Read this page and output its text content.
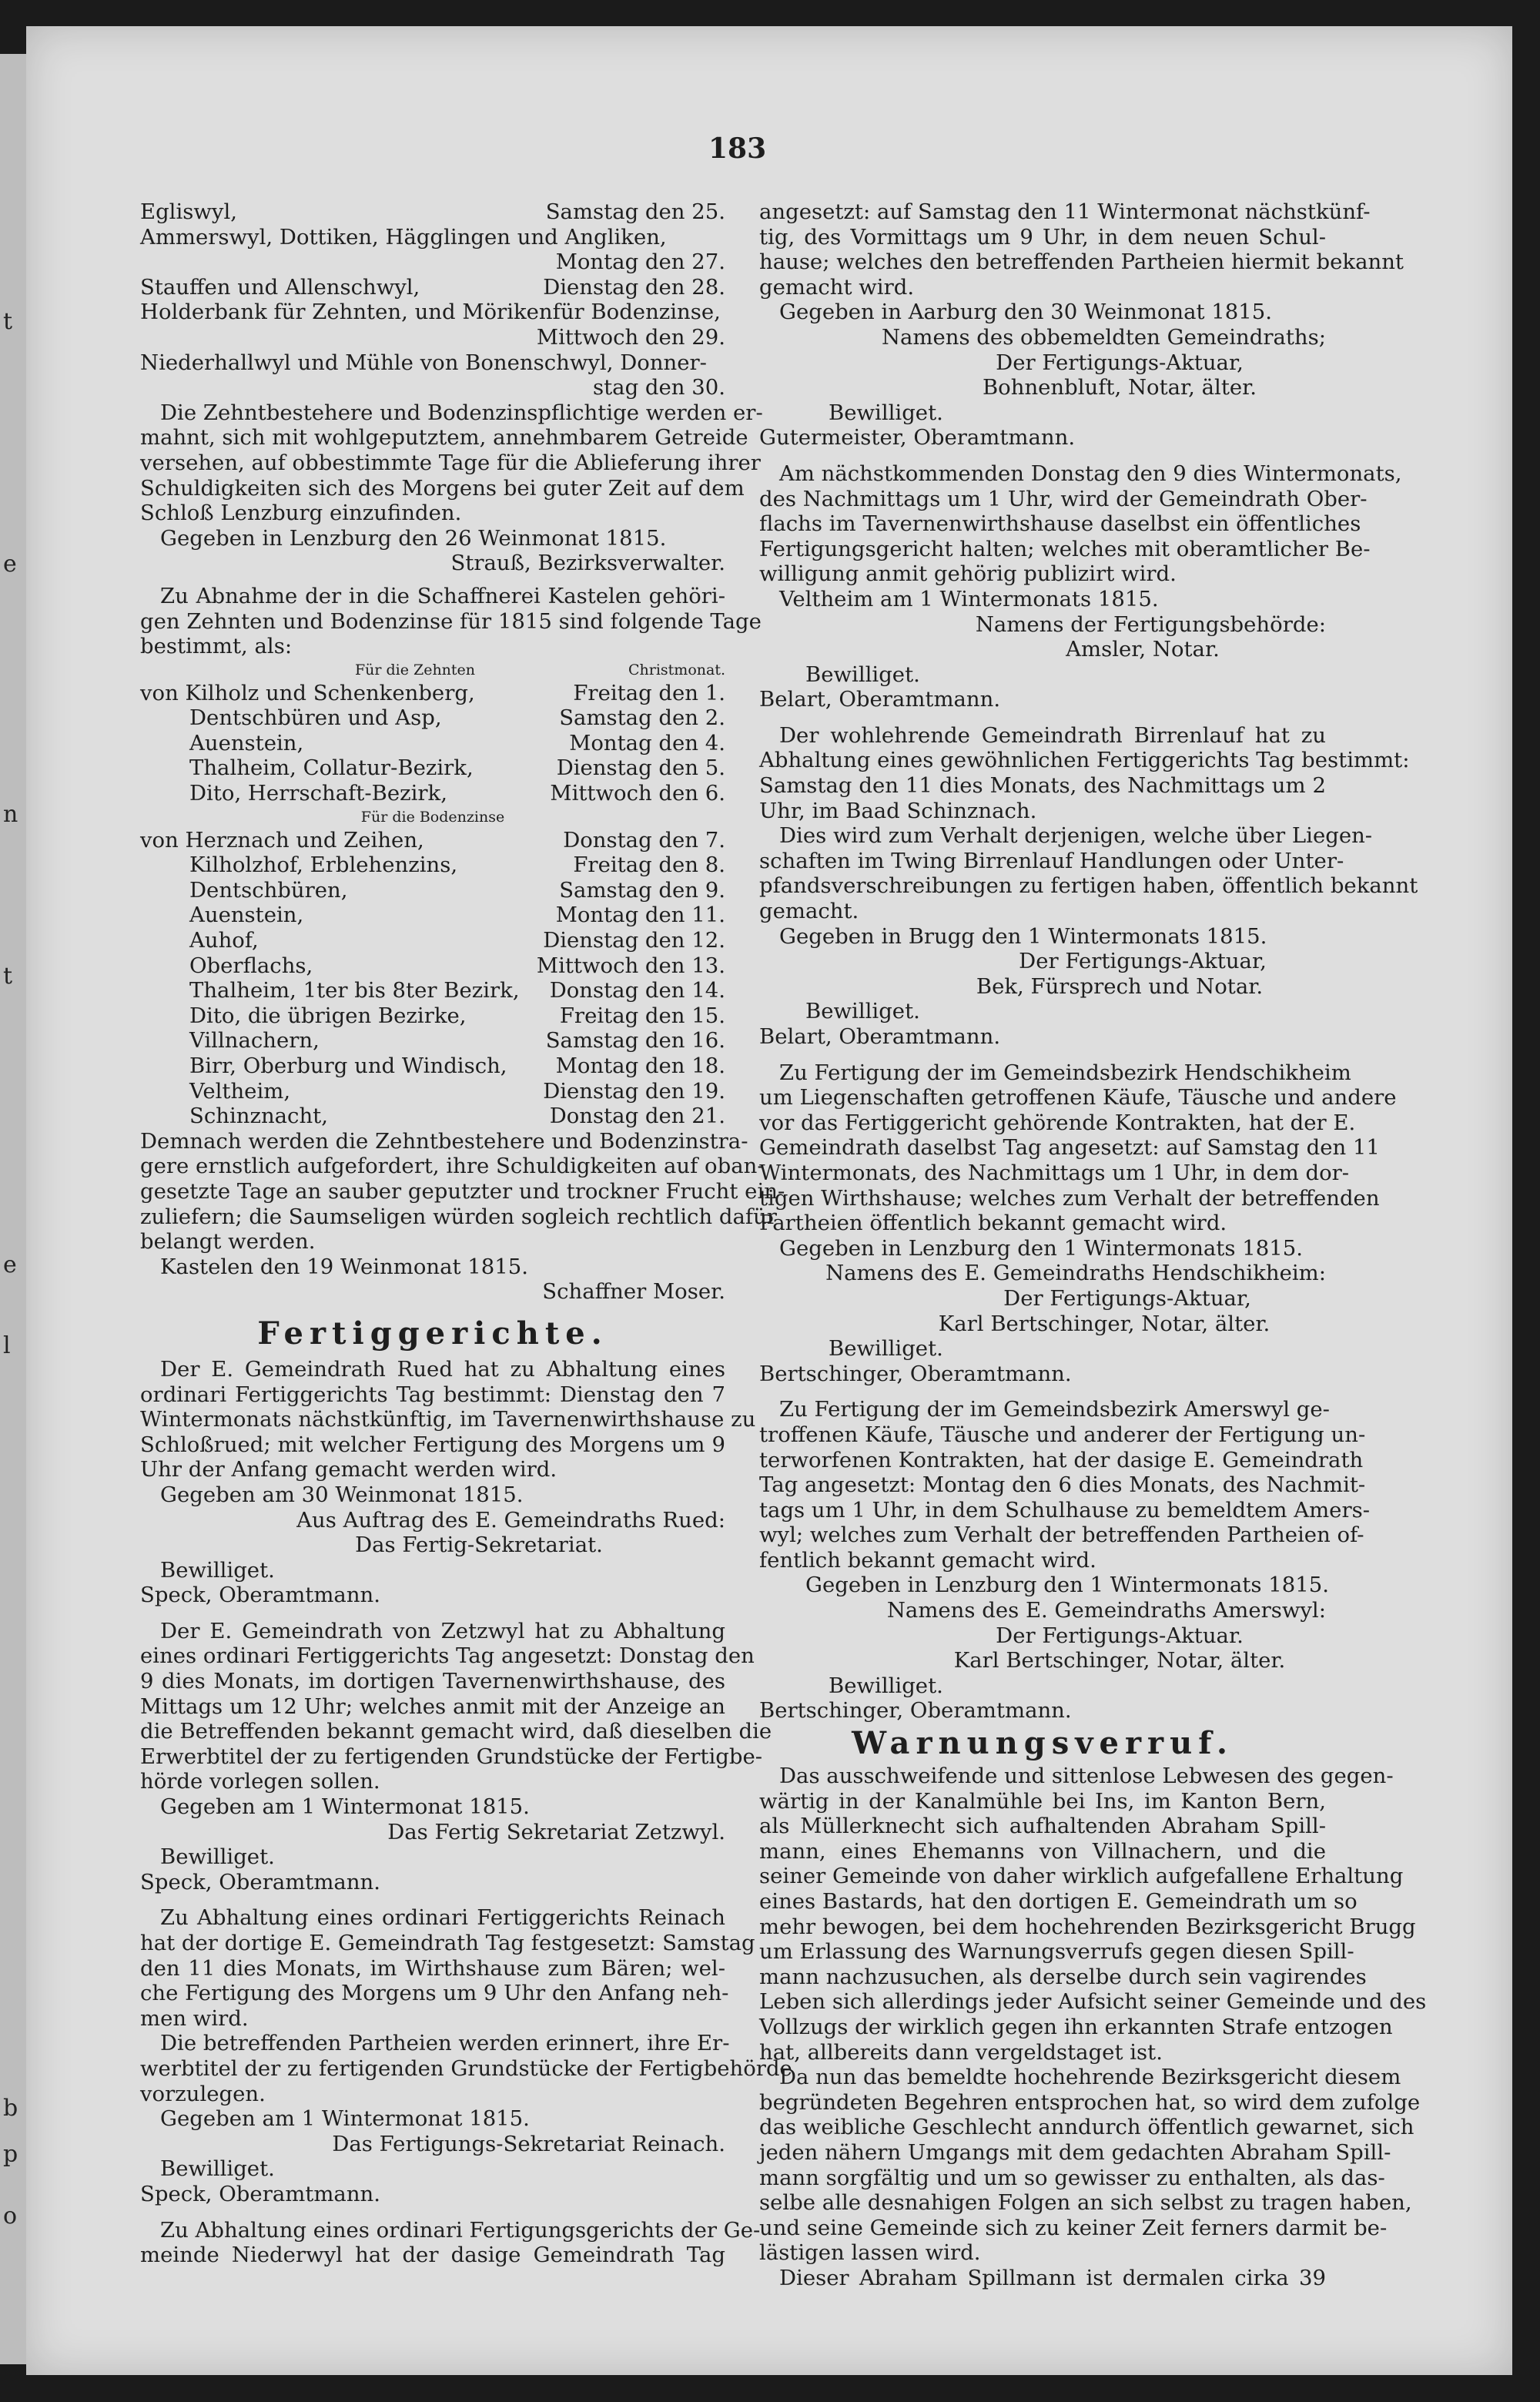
t
e
n
t
e
l
b
p
o
183
Egliswyl,	Samstag den 25.
Ammerswyl, Dottiken, Hägglingen und Angliken,
Montag den 27.
Stauffen und Allenschwyl,	Dienstag den 28.
Holderbank für Zehnten, und Mörikenfür Bodenzinse,
Mittwoch den 29.
Niederhallwyl und Mühle von Bonenschwyl, Donner-
stag den 30.
Die Zehntbestehere und Bodenzinspflichtige werden er-
mahnt, sich mit wohlgeputztem, annehmbarem Getreide
versehen, auf obbestimmte Tage für die Ablieferung ihrer
Schuldigkeiten sich des Morgens bei guter Zeit auf dem
Schloß Lenzburg einzufinden.
Gegeben in Lenzburg den 26 Weinmonat 1815.
Strauß, Bezirksverwalter.
Zu Abnahme der in die Schaffnerei Kastelen gehöri-
gen Zehnten und Bodenzinse für 1815 sind folgende Tage
bestimmt, als:
Für die Zehnten	Christmonat.
von Kilholz und Schenkenberg,	Freitag den 1.
Dentschbüren und Asp,	Samstag den 2.
Auenstein,	Montag den 4.
Thalheim, Collatur-Bezirk,	Dienstag den 5.
Dito, Herrschaft-Bezirk,	Mittwoch den 6.
Für die Bodenzinse
von Herznach und Zeihen,	Donstag den 7.
Kilholzhof, Erblehenzins,	Freitag den 8.
Dentschbüren,	Samstag den 9.
Auenstein,	Montag den 11.
Auhof,	Dienstag den 12.
Oberflachs,	Mittwoch den 13.
Thalheim, 1ter bis 8ter Bezirk,	Donstag den 14.
Dito, die übrigen Bezirke,	Freitag den 15.
Villnachern,	Samstag den 16.
Birr, Oberburg und Windisch,	Montag den 18.
Veltheim,	Dienstag den 19.
Schinznacht,	Donstag den 21.
Demnach werden die Zehntbestehere und Bodenzinstra-
gere ernstlich aufgefordert, ihre Schuldigkeiten auf oban-
gesetzte Tage an sauber geputzter und trockner Frucht ein-
zuliefern; die Saumseligen würden sogleich rechtlich dafür
belangt werden.
Kastelen den 19 Weinmonat 1815.
Schaffner Moser.
Fertiggerichte.
Der E. Gemeindrath Rued hat zu Abhaltung eines
ordinari Fertiggerichts Tag bestimmt: Dienstag den 7
Wintermonats nächstkünftig, im Tavernenwirthshause zu
Schloßrued; mit welcher Fertigung des Morgens um 9
Uhr der Anfang gemacht werden wird.
Gegeben am 30 Weinmonat 1815.
Aus Auftrag des E. Gemeindraths Rued:
Das Fertig-Sekretariat.
Bewilliget.
Speck, Oberamtmann.
Der E. Gemeindrath von Zetzwyl hat zu Abhaltung
eines ordinari Fertiggerichts Tag angesetzt: Donstag den
9 dies Monats, im dortigen Tavernenwirthshause, des
Mittags um 12 Uhr; welches anmit mit der Anzeige an
die Betreffenden bekannt gemacht wird, daß dieselben die
Erwerbtitel der zu fertigenden Grundstücke der Fertigbe-
hörde vorlegen sollen.
Gegeben am 1 Wintermonat 1815.
Das Fertig Sekretariat Zetzwyl.
Bewilliget.
Speck, Oberamtmann.
Zu Abhaltung eines ordinari Fertiggerichts Reinach
hat der dortige E. Gemeindrath Tag festgesetzt: Samstag
den 11 dies Monats, im Wirthshause zum Bären; wel-
che Fertigung des Morgens um 9 Uhr den Anfang neh-
men wird.
Die betreffenden Partheien werden erinnert, ihre Er-
werbtitel der zu fertigenden Grundstücke der Fertigbehörde
vorzulegen.
Gegeben am 1 Wintermonat 1815.
Das Fertigungs-Sekretariat Reinach.
Bewilliget.
Speck, Oberamtmann.
Zu Abhaltung eines ordinari Fertigungsgerichts der Ge-
meinde Niederwyl hat der dasige Gemeindrath Tag
angesetzt: auf Samstag den 11 Wintermonat nächstkünf-
tig, des Vormittags um 9 Uhr, in dem neuen Schul-
hause; welches den betreffenden Partheien hiermit bekannt
gemacht wird.
Gegeben in Aarburg den 30 Weinmonat 1815.
Namens des obbemeldten Gemeindraths;
Der Fertigungs-Aktuar,
Bohnenbluft, Notar, älter.
Bewilliget.
Gutermeister, Oberamtmann.
Am nächstkommenden Donstag den 9 dies Wintermonats,
des Nachmittags um 1 Uhr, wird der Gemeindrath Ober-
flachs im Tavernenwirthshause daselbst ein öffentliches
Fertigungsgericht halten; welches mit oberamtlicher Be-
willigung anmit gehörig publizirt wird.
Veltheim am 1 Wintermonats 1815.
Namens der Fertigungsbehörde:
Amsler, Notar.
Bewilliget.
Belart, Oberamtmann.
Der wohlehrende Gemeindrath Birrenlauf hat zu
Abhaltung eines gewöhnlichen Fertiggerichts Tag bestimmt:
Samstag den 11 dies Monats, des Nachmittags um 2
Uhr, im Baad Schinznach.
Dies wird zum Verhalt derjenigen, welche über Liegen-
schaften im Twing Birrenlauf Handlungen oder Unter-
pfandsverschreibungen zu fertigen haben, öffentlich bekannt
gemacht.
Gegeben in Brugg den 1 Wintermonats 1815.
Der Fertigungs-Aktuar,
Bek, Fürsprech und Notar.
Bewilliget.
Belart, Oberamtmann.
Zu Fertigung der im Gemeindsbezirk Hendschikheim
um Liegenschaften getroffenen Käufe, Täusche und andere
vor das Fertiggericht gehörende Kontrakten, hat der E.
Gemeindrath daselbst Tag angesetzt: auf Samstag den 11
Wintermonats, des Nachmittags um 1 Uhr, in dem dor-
tigen Wirthshause; welches zum Verhalt der betreffenden
Partheien öffentlich bekannt gemacht wird.
Gegeben in Lenzburg den 1 Wintermonats 1815.
Namens des E. Gemeindraths Hendschikheim:
Der Fertigungs-Aktuar,
Karl Bertschinger, Notar, älter.
Bewilliget.
Bertschinger, Oberamtmann.
Zu Fertigung der im Gemeindsbezirk Amerswyl ge-
troffenen Käufe, Täusche und anderer der Fertigung un-
terworfenen Kontrakten, hat der dasige E. Gemeindrath
Tag angesetzt: Montag den 6 dies Monats, des Nachmit-
tags um 1 Uhr, in dem Schulhause zu bemeldtem Amers-
wyl; welches zum Verhalt der betreffenden Partheien of-
fentlich bekannt gemacht wird.
Gegeben in Lenzburg den 1 Wintermonats 1815.
Namens des E. Gemeindraths Amerswyl:
Der Fertigungs-Aktuar.
Karl Bertschinger, Notar, älter.
Bewilliget.
Bertschinger, Oberamtmann.
Warnungsverruf.
Das ausschweifende und sittenlose Lebwesen des gegen-
wärtig in der Kanalmühle bei Ins, im Kanton Bern,
als Müllerknecht sich aufhaltenden Abraham Spill-
mann, eines Ehemanns von Villnachern, und die
seiner Gemeinde von daher wirklich aufgefallene Erhaltung
eines Bastards, hat den dortigen E. Gemeindrath um so
mehr bewogen, bei dem hochehrenden Bezirksgericht Brugg
um Erlassung des Warnungsverrufs gegen diesen Spill-
mann nachzusuchen, als derselbe durch sein vagirendes
Leben sich allerdings jeder Aufsicht seiner Gemeinde und des
Vollzugs der wirklich gegen ihn erkannten Strafe entzogen
hat, allbereits dann vergeldstaget ist.
Da nun das bemeldte hochehrende Bezirksgericht diesem
begründeten Begehren entsprochen hat, so wird dem zufolge
das weibliche Geschlecht anndurch öffentlich gewarnet, sich
jeden nähern Umgangs mit dem gedachten Abraham Spill-
mann sorgfältig und um so gewisser zu enthalten, als das-
selbe alle desnahigen Folgen an sich selbst zu tragen haben,
und seine Gemeinde sich zu keiner Zeit ferners darmit be-
lästigen lassen wird.
Dieser Abraham Spillmann ist dermalen cirka 39
